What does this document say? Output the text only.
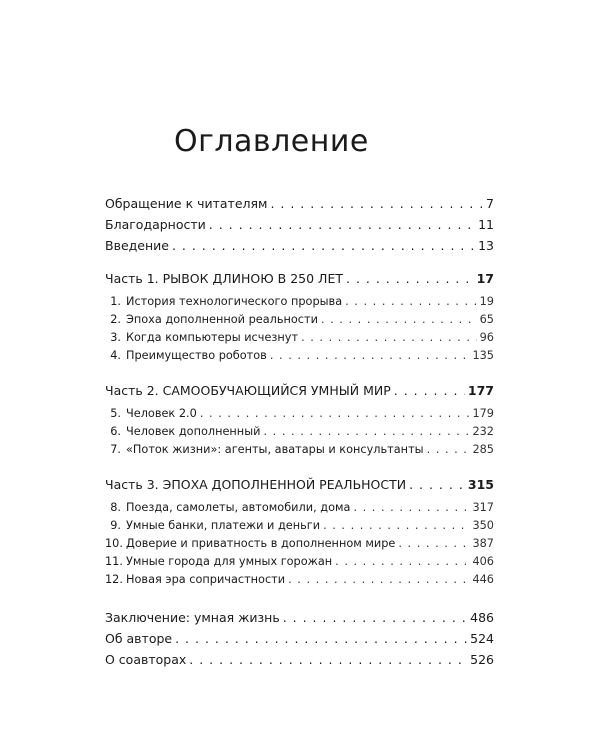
Оглавление
Обращение к читателям . . .	7
Благодарности . . .	11
Введение . . .	13
Часть 1. РЫВОК ДЛИНОЮ В 250 ЛЕТ . . .	17
1. История технологического прорыва . . .	19
2. Эпоха дополненной реальности . . .	65
3. Когда компьютеры исчезнут . . .	96
4. Преимущество роботов . . .	135
Часть 2. САМООБУЧАЮЩИЙСЯ УМНЫЙ МИР . . .	177
5. Человек 2.0 . . .	179
6. Человек дополненный . . .	232
7. «Поток жизни»: агенты, аватары и консультанты . . .	285
Часть 3. ЭПОХА ДОПОЛНЕННОЙ РЕАЛЬНОСТИ . . .	315
8. Поезда, самолеты, автомобили, дома . . .	317
9. Умные банки, платежи и деньги . . .	350
10. Доверие и приватность в дополненном мире . . .	387
11. Умные города для умных горожан . . .	406
12. Новая эра сопричастности . . .	446
Заключение: умная жизнь . . .	486
Об авторе . . .	524
О соавторах . . .	526
